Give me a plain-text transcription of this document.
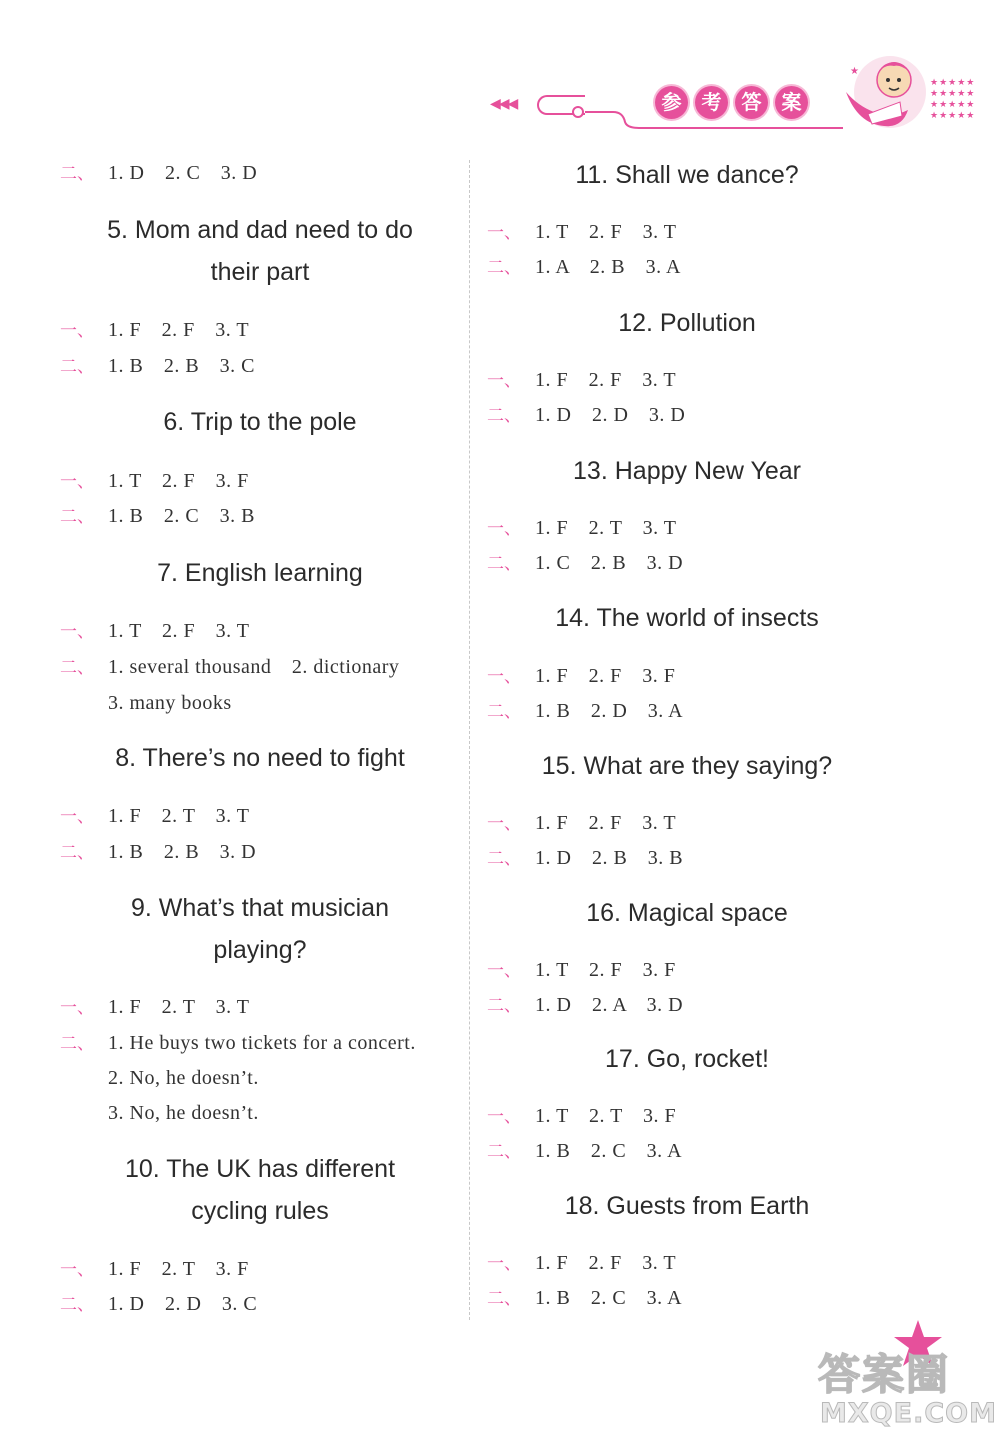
◀◀◀	参	考	答	案
★
★★★★★
★★★★★
★★★★★
★★★★★
二、 1. D　2. C　3. D
5. Mom and dad need to do
their part
一、 1. F　2. F　3. T
二、 1. B　2. B　3. C
6. Trip to the pole
一、 1. T　2. F　3. F
二、 1. B　2. C　3. B
7. English learning
一、 1. T　2. F　3. T
二、 1. several thousand　2. dictionary
3. many books
8. There’s no need to fight
一、 1. F　2. T　3. T
二、 1. B　2. B　3. D
9. What’s that musician
playing?
一、 1. F　2. T　3. T
二、 1. He buys two tickets for a concert.
2. No, he doesn’t.
3. No, he doesn’t.
10. The UK has different
cycling rules
一、 1. F　2. T　3. F
二、 1. D　2. D　3. C
11. Shall we dance?
一、 1. T　2. F　3. T
二、 1. A　2. B　3. A
12. Pollution
一、 1. F　2. F　3. T
二、 1. D　2. D　3. D
13. Happy New Year
一、 1. F　2. T　3. T
二、 1. C　2. B　3. D
14. The world of insects
一、 1. F　2. F　3. F
二、 1. B　2. D　3. A
15. What are they saying?
一、 1. F　2. F　3. T
二、 1. D　2. B　3. B
16. Magical space
一、 1. T　2. F　3. F
二、 1. D　2. A　3. D
17. Go, rocket!
一、 1. T　2. T　3. F
二、 1. B　2. C　3. A
18. Guests from Earth
一、 1. F　2. F　3. T
二、 1. B　2. C　3. A
答案圈
MXQE.COM
